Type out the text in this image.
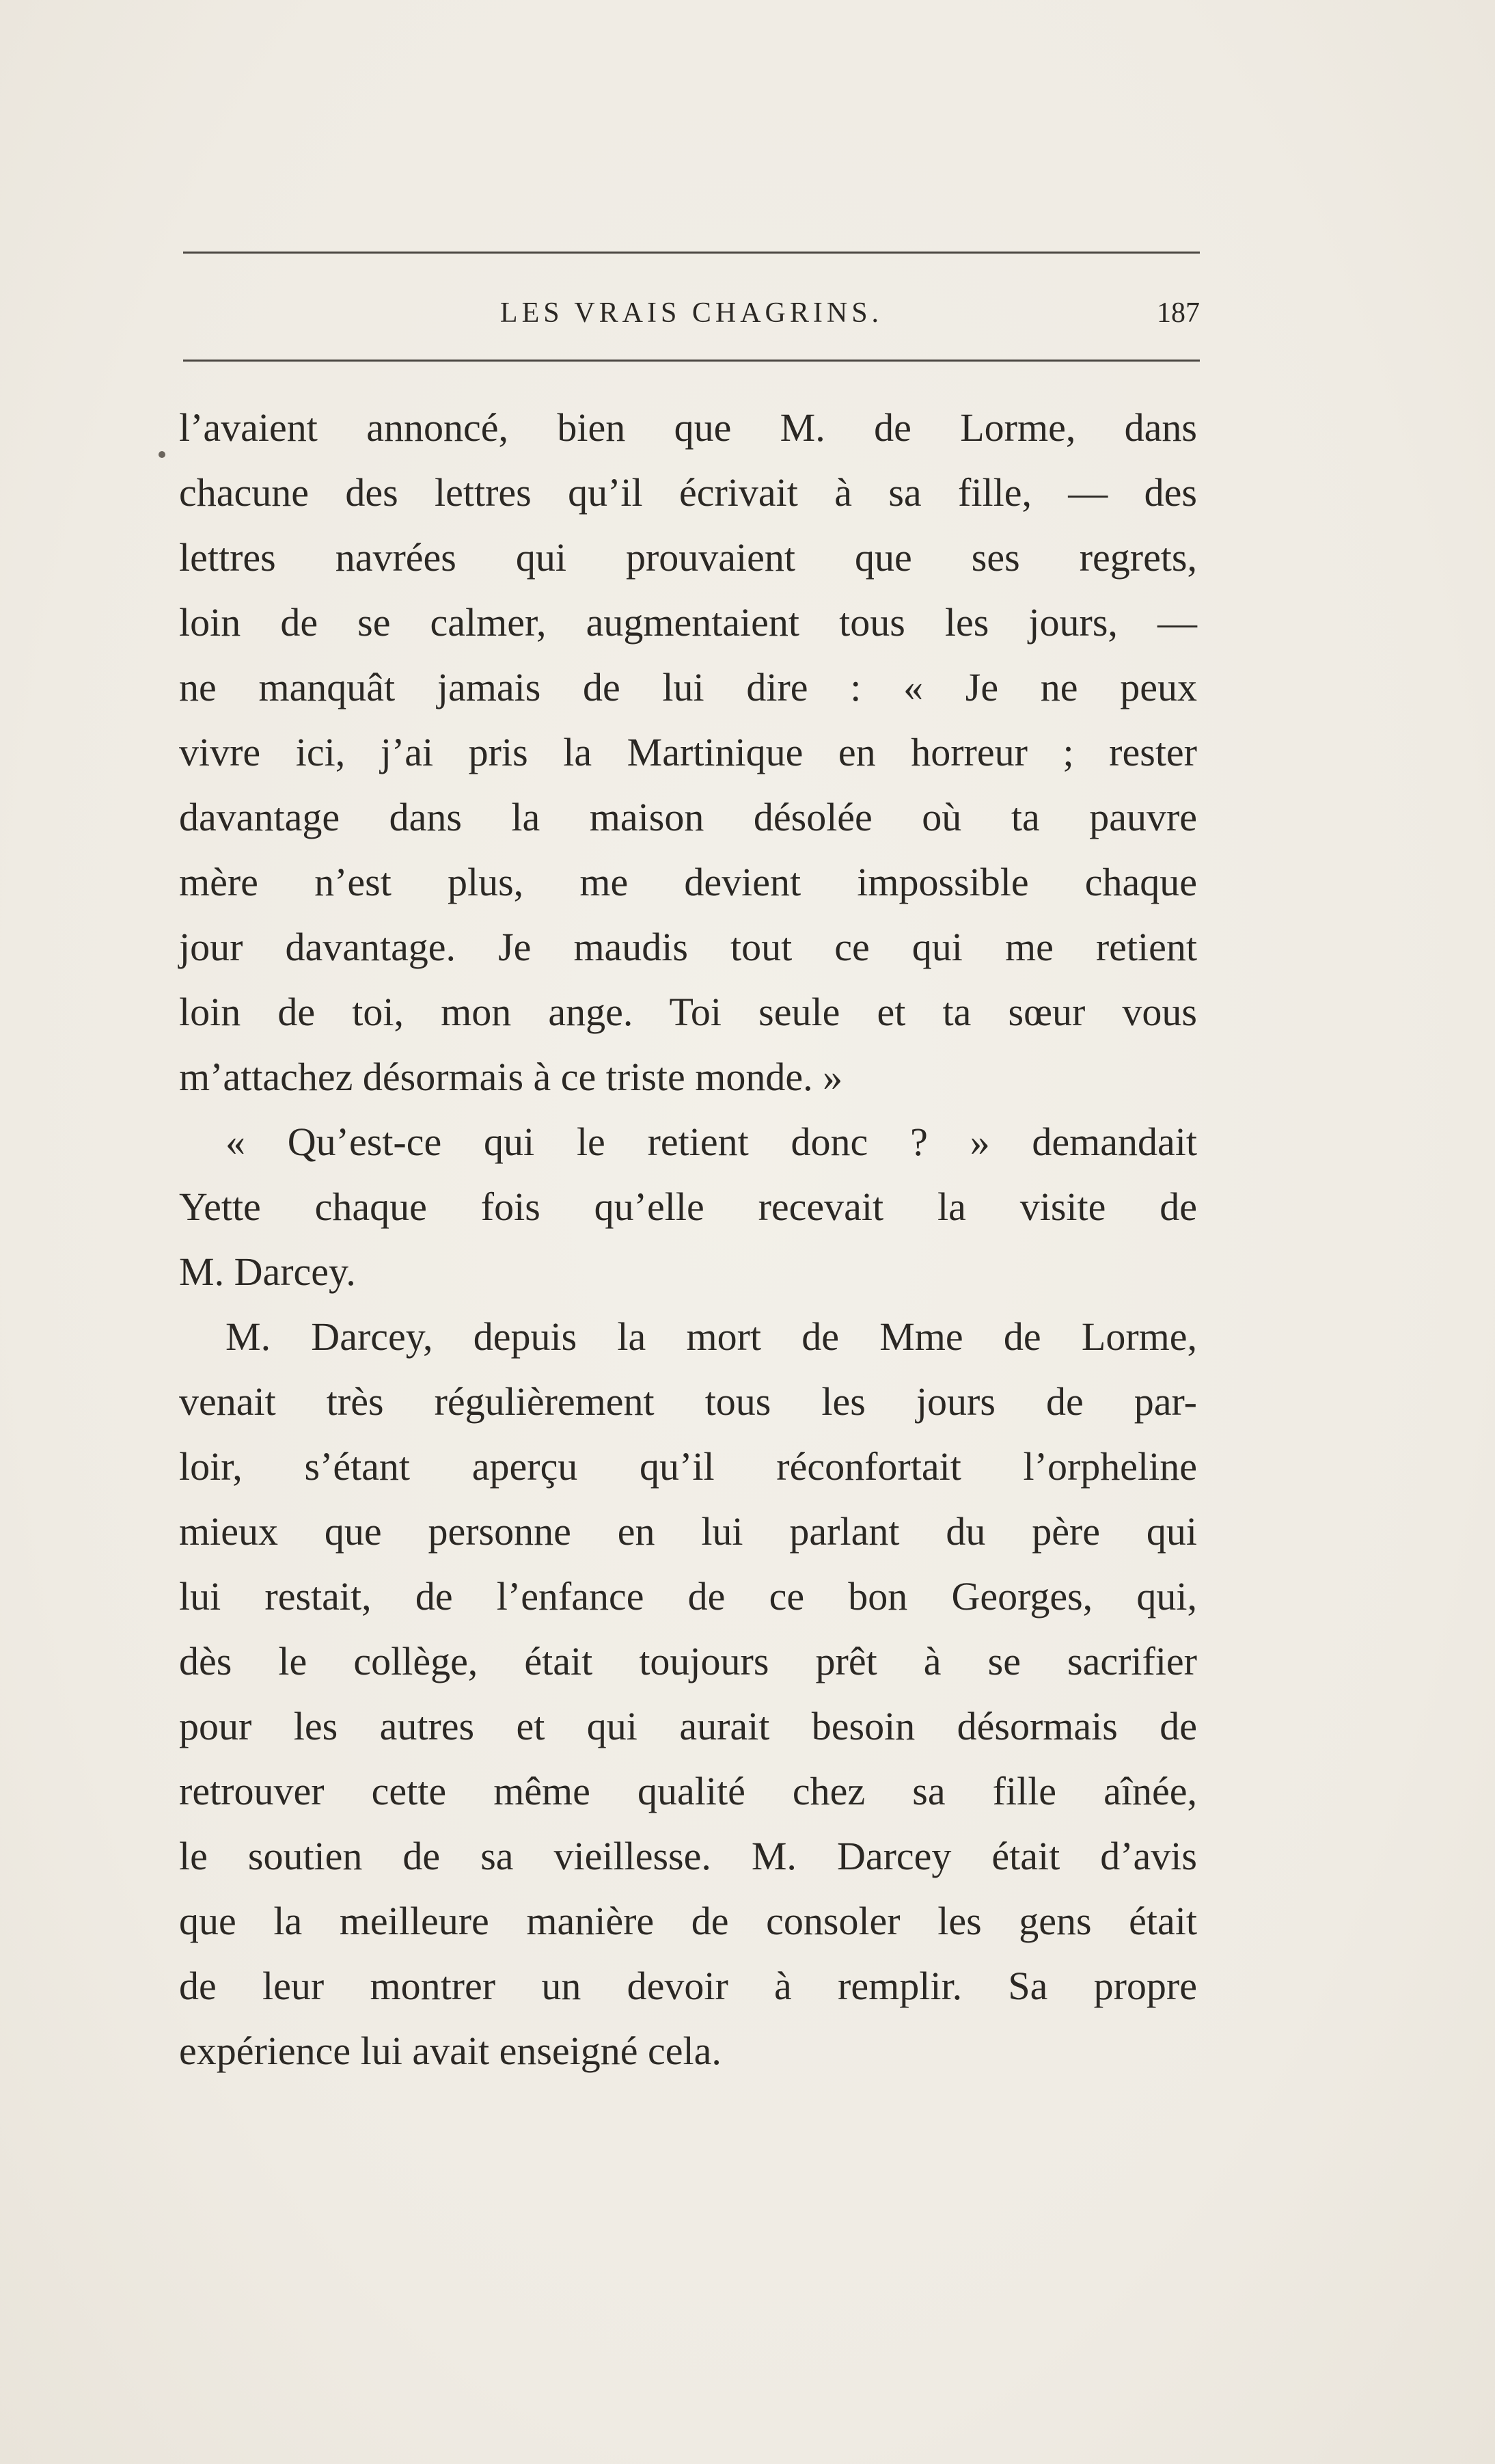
LES VRAIS CHAGRINS.	187
l’avaient annoncé, bien que M. de Lorme, dans
chacune des lettres qu’il écrivait à sa fille, — des
lettres navrées qui prouvaient que ses regrets,
loin de se calmer, augmentaient tous les jours, —
ne manquât jamais de lui dire : « Je ne peux
vivre ici, j’ai pris la Martinique en horreur ; rester
davantage dans la maison désolée où ta pauvre
mère n’est plus, me devient impossible chaque
jour davantage. Je maudis tout ce qui me retient
loin de toi, mon ange. Toi seule et ta sœur vous
m’attachez désormais à ce triste monde. »
« Qu’est-ce qui le retient donc ? » demandait
Yette chaque fois qu’elle recevait la visite de
M. Darcey.
M. Darcey, depuis la mort de Mme de Lorme,
venait très régulièrement tous les jours de par-
loir, s’étant aperçu qu’il réconfortait l’orpheline
mieux que personne en lui parlant du père qui
lui restait, de l’enfance de ce bon Georges, qui,
dès le collège, était toujours prêt à se sacrifier
pour les autres et qui aurait besoin désormais de
retrouver cette même qualité chez sa fille aînée,
le soutien de sa vieillesse. M. Darcey était d’avis
que la meilleure manière de consoler les gens était
de leur montrer un devoir à remplir. Sa propre
expérience lui avait enseigné cela.
